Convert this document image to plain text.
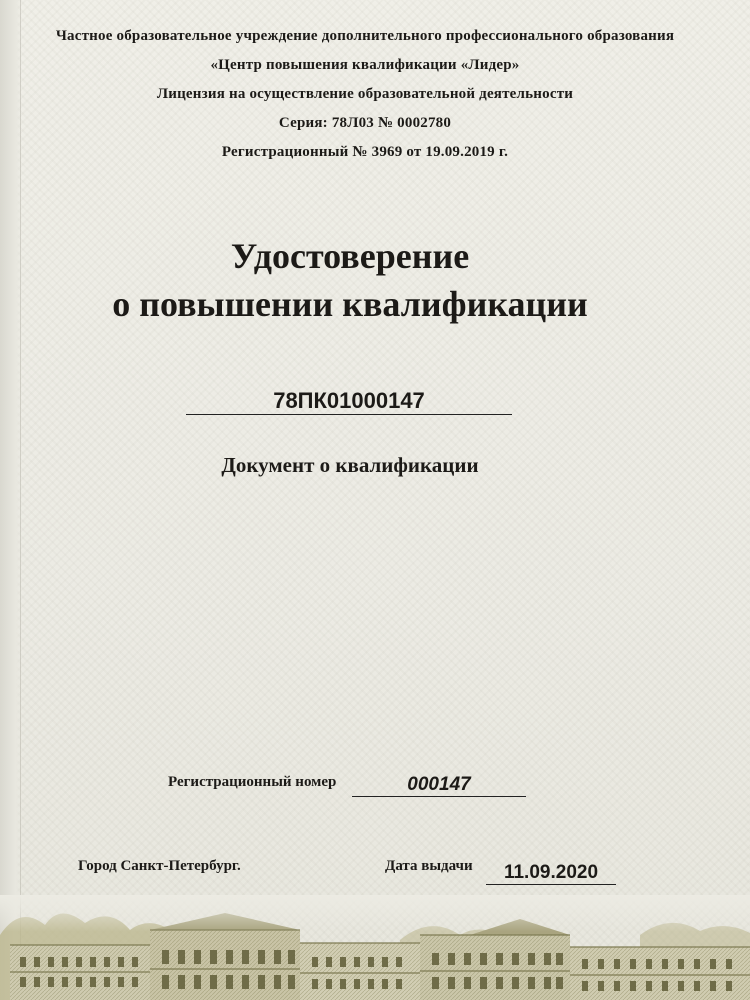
Частное образовательное учреждение дополнительного профессионального образования
«Центр повышения квалификации «Лидер»
Лицензия на осуществление образовательной деятельности
Серия: 78Л03 № 0002780
Регистрационный № 3969 от 19.09.2019 г.
Удостоверение
о повышении квалификации
78ПК01000147
Документ о квалификации
Регистрационный номер	000147
Город Санкт-Петербург.	Дата выдачи	11.09.2020
